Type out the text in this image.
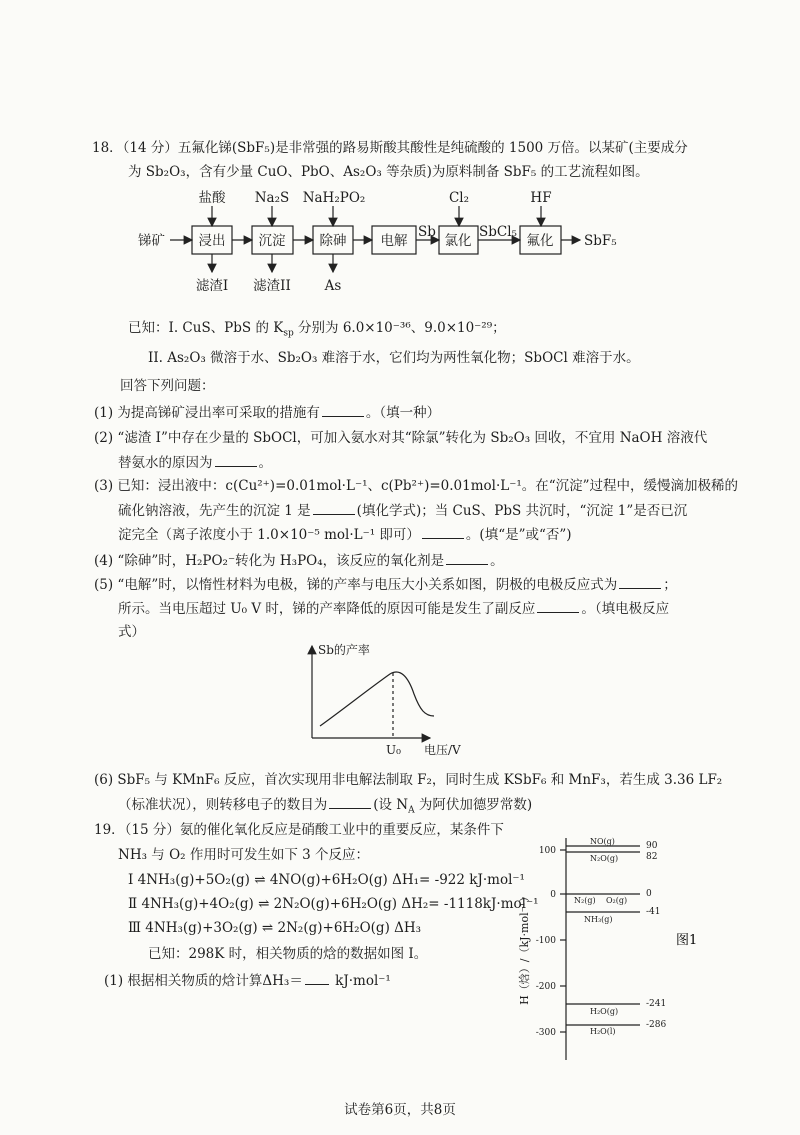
18．（14 分）五氟化锑(SbF₅)是非常强的路易斯酸其酸性是纯硫酸的 1500 万倍。以某矿(主要成分
为 Sb₂O₃，含有少量 CuO、PbO、As₂O₃ 等杂质)为原料制备 SbF₅ 的工艺流程如图。
锑矿 浸出 沉淀	除砷	电解	氯化	氟化
盐酸 Na₂S NaH₂PO₂	Cl₂	HF
滤渣I 滤渣II	As
Sb	SbCl₅
SbF₅
已知：I. CuS、PbS 的 $K_{sp}$ 分别为 6.0×10⁻³⁶、9.0×10⁻²⁹；
II. As₂O₃ 微溶于水、Sb₂O₃ 难溶于水，它们均为两性氧化物；SbOCl 难溶于水。
回答下列问题：
(1) 为提高锑矿浸出率可采取的措施有	。（填一种）
(2) “滤渣 I”中存在少量的 SbOCl，可加入氨水对其“除氯”转化为 Sb₂O₃ 回收，不宜用 NaOH 溶液代
替氨水的原因为	。
(3) 已知：浸出液中：c(Cu²⁺)=0.01mol·L⁻¹、c(Pb²⁺)=0.01mol·L⁻¹。在“沉淀”过程中，缓慢滴加极稀的
硫化钠溶液，先产生的沉淀 1 是	(填化学式)；当 CuS、PbS 共沉时，“沉淀 1”是否已沉
淀完全（离子浓度小于 1.0×10⁻⁵ mol·L⁻¹ 即可）	。(填“是”或“否”)
(4) “除砷”时，H₂PO₂⁻转化为 H₃PO₄，该反应的氧化剂是	。
(5) “电解”时，以惰性材料为电极，锑的产率与电压大小关系如图，阴极的电极反应式为	；
所示。当电压超过 U₀ V 时，锑的产率降低的原因可能是发生了副反应	。（填电极反应
式）
Sb的产率
U₀ 电压/V
(6) SbF₅ 与 KMnF₆ 反应，首次实现用非电解法制取 F₂，同时生成 KSbF₆ 和 MnF₃，若生成 3.36 LF₂
（标准状况），则转移电子的数目为	(设 $N_A$ 为阿伏加德罗常数)
19．（15 分）氨的催化氧化反应是硝酸工业中的重要反应，某条件下
NH₃ 与 O₂ 作用时可发生如下 3 个反应：
Ⅰ 4NH₃(g)+5O₂(g) ⇌ 4NO(g)+6H₂O(g) ΔH₁= -922 kJ·mol⁻¹
Ⅱ 4NH₃(g)+4O₂(g) ⇌ 2N₂O(g)+6H₂O(g) ΔH₂= -1118kJ·mol⁻¹
Ⅲ 4NH₃(g)+3O₂(g) ⇌ 2N₂(g)+6H₂O(g) ΔH₃
已知：298K 时，相关物质的焓的数据如图 I。
(1) 根据相关物质的焓计算ΔH₃＝ kJ·mol⁻¹
100
0
-100
-200
-300
NO(g)	90
N₂O(g)	82
N₂(g) O₂(g)
0
NH₃(g)
-41
H₂O(g)
-241
H₂O(l)
-286
H（焓）/（kJ·mol⁻¹）	图1
试卷第6页，共8页
